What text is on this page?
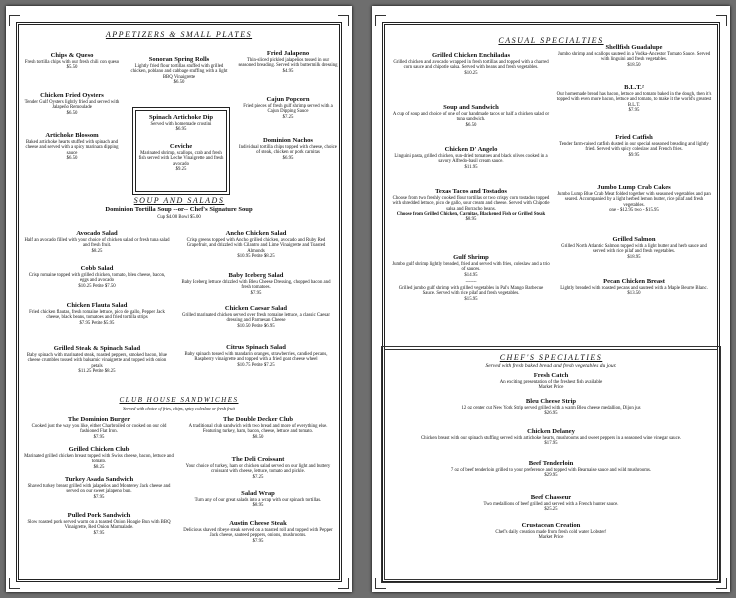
APPETIZERS & SMALL PLATES
Chips & Queso
Fresh tortilla chips with our fresh chili con queso
$5.50
Chicken Fried Oysters
Tender Gulf Oysters lightly fried and served with Jalapeño Remoulade
$6.50
Artichoke Blossom
Baked artichoke hearts stuffed with spinach and cheese and served with a spicy marinara dipping sauce
$6.50
Sonoran Spring Rolls
Lightly fried flour tortillas stuffed with grilled chicken, poblano and cabbage stuffing with a light BBQ Vinaigrette
$6.50
Fried Jalapeno
Thin-sliced pickled jalapeños tossed in our seasoned breading. Served with buttermilk dressing
$4.95
Cajun Popcorn
Fried pieces of fresh gulf shrimp served with a Cajun Dipping Sauce
$7.25
Dominion Nachos
Individual tortilla chips topped with cheese, choice of steak, chicken or pork carnitas
$6.95
Spinach Artichoke Dip
Served with homemade crostini
$6.95
Ceviche
Marinated shrimp, scallops, crab and fresh fish served with Leche Vinaigrette and fresh avocado
$9.25
SOUP AND SALADS
Dominion Tortilla Soup --or-- Chef's Signature Soup
Cup $4.00 Bowl $5.00
Avocado Salad
Half an avocado filled with your choice of chicken salad or fresh tuna salad and fresh fruit.
$8.25
Cobb Salad
Crisp romaine topped with grilled chicken, tomato, bleu cheese, bacon, eggs and avocado
$10.25 Petite $7.50
Chicken Flauta Salad
Fried chicken flautas, fresh romaine lettuce, pico de gallo, Pepper Jack cheese, black beans, tomatoes and fried tortilla strips
$7.95 Petite $5.95
Grilled Steak & Spinach Salad
Baby spinach with marinated steak, roasted peppers, smoked bacon, blue cheese crumbles tossed with balsamic vinaigrette and topped with onion petals
$11.25 Petite $8.25
Ancho Chicken Salad
Crisp greens topped with Ancho grilled chicken, avocado and Ruby Red Grapefruit, and drizzled with Cilantro and Lime Vinaigrette and Toasted Almonds
$10.95 Petite $8.25
Baby Iceberg Salad
Baby Iceberg lettuce drizzled with Bleu Cheese Dressing, chopped bacon and fresh tomatoes.
$7.95
Chicken Caesar Salad
Grilled marinated chicken served over fresh romaine lettuce, a classic Caesar dressing and Parmesan Cheese
$10.50 Petite $6.95
Citrus Spinach Salad
Baby spinach tossed with mandarin oranges, strawberries, candied pecans, Raspberry vinaigrette and topped with a fried goat cheese wheel
$10.75 Petite $7.25
CLUB HOUSE SANDWICHES
Served with choice of fries, chips, spicy coleslaw or fresh fruit
The Dominion Burger
Cooked just the way you like, either Charbroiled or cooked on our old fashioned Flat Iron.
$7.95
Grilled Chicken Club
Marinated grilled chicken breast topped with Swiss cheese, bacon, lettuce and tomato.
$8.25
Turkey Asada Sandwich
Shaved turkey breast grilled with jalapeños and Monterey Jack cheese and served on our sweet jalapeno bun.
$7.95
Pulled Pork Sandwich
Slow roasted pork served warm on a toasted Onion Hoagie Bun with BBQ Vinaigrette, Red Onion Marmalade.
$7.95
The Double Decker Club
A traditional club sandwich with two bread and more of everything else. Featuring turkey, ham, bacon, cheese, lettuce and tomato.
$8.50
The Deli Croissant
Your choice of turkey, ham or chicken salad served on our light and buttery croissant with cheese, lettuce, tomato and pickle.
$7.25
Salad Wrap
Turn any of our great salads into a wrap with our spinach tortillas.
$8.95
Austin Cheese Steak
Delicious shaved ribeye steak served on a toasted roll and topped with Pepper Jack cheese, sauteed peppers, onions, mushrooms.
$7.95
CASUAL SPECIALTIES
Grilled Chicken Enchiladas
Grilled chicken and avocado wrapped in fresh tortillas and topped with a charred corn sauce and chipotle salsa. Served with beans and fresh vegetables.
$10.25
Soup and Sandwich
A cup of soup and choice of one of our handmade tacos or half a chicken salad or tuna sandwich.
$6.50
Chicken D' Angelo
Linguini pasta, grilled chicken, sun-dried tomatoes and black olives cooked in a savory Alfredo-basil cream sauce.
$11.95
Texas Tacos and Tostados
Choose from two freshly cooked flour tortillas or two crispy corn tostados topped with shredded lettuce, pico de gallo, sour cream and cheese. Served with Chipotle salsa and Borracho beans.
Choose from Grilled Chicken, Carnitas, Blackened Fish or Grilled Steak
$8.95
Gulf Shrimp
Jumbo gulf shrimp lightly breaded, fried and served with fries, coleslaw and a trio of sauces.
$14.95
~~~~
Grilled jumbo gulf shrimp with grilled vegetables in Pal's Mango Barbecue Sauce. Served with rice pilaf and fresh vegetables.
$15.95
Shellfish Guadalupe
Jumbo shrimp and scallops sauteed in a Vodka-Ancestor Tomato Sauce. Served with linguini and fresh vegetables.
$18.50
B.L.T.²
Our homemade bread has bacon, lettuce and tomato baked in the dough, then it's topped with even more bacon, lettuce and tomato, to make it the world's greatest B.L.T.
$7.95
Fried Catfish
Tender farm-raised catfish dusted in our special seasoned breading and lightly fried. Served with spicy coleslaw and French fries.
$9.95
Jumbo Lump Crab Cakes
Jumbo Lump Blue Crab Meat folded together with seasoned vegetables and pan seared. Accompanied by a light herbed lemon butter, rice pilaf and fresh vegetables.
one - $12.95 two - $15.95
Grilled Salmon
Grilled North Atlantic Salmon topped with a light butter and herb sauce and served with rice pilaf and fresh vegetables.
$18.95
Pecan Chicken Breast
Lightly breaded with roasted pecans and sauteed with a Maple Beurre Blanc.
$13.50
CHEF'S SPECIALTIES
Served with fresh baked bread and fresh vegetables du jour.
Fresh Catch
An exciting presentation of the freshest fish available
Market Price
Bleu Cheese Strip
12 oz center cut New York Strip served grilled with a warm Bleu cheese medallion, Dijon jus
$26.95
Chicken Delaney
Chicken breast with our spinach stuffing served with artichoke hearts, mushrooms and sweet peppers in a seasoned wine vinegar sauce.
$17.95
Beef Tenderloin
7 oz of beef tenderloin grilled to your preference and topped with Bearnaise sauce and wild mushrooms.
$29.95
Beef Chasseur
Two medallions of beef grilled and served with a French hunter sauce.
$25.25
Crustacean Creation
Chef's daily creation made from fresh cold water Lobster!
Market Price
